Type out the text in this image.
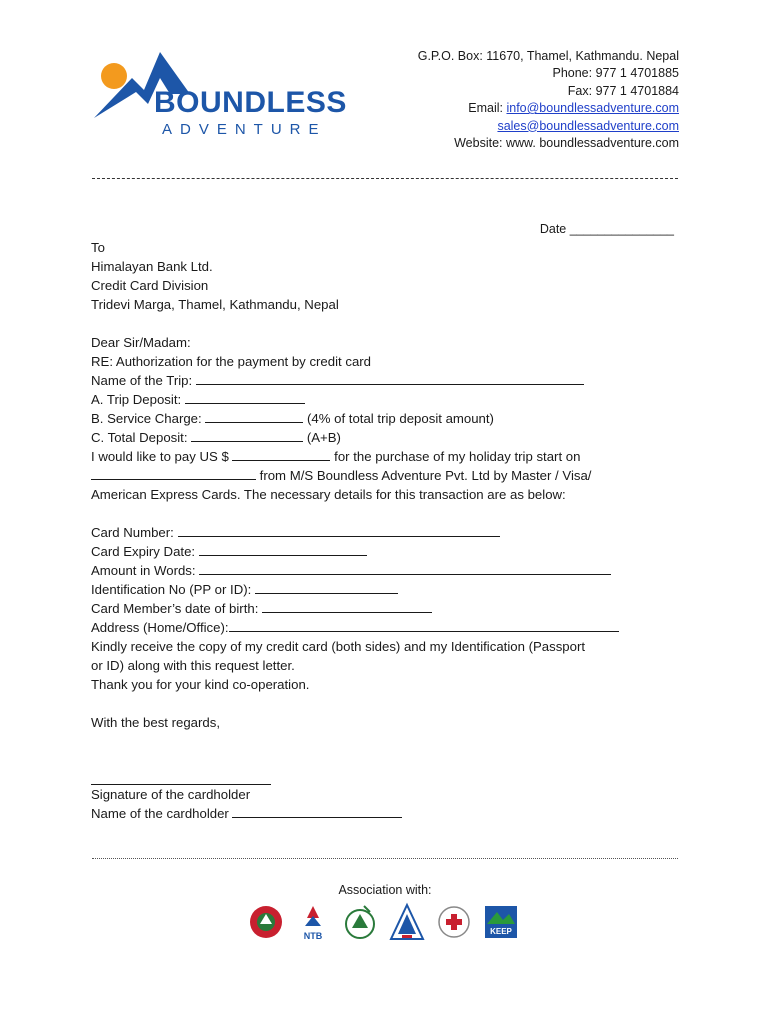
BOUNDLESS
ADVENTURE
G.P.O. Box: 11670, Thamel, Kathmandu. Nepal
Phone: 977 1 4701885
Fax: 977 1 4701884
Email: info@boundlessadventure.com
sales@boundlessadventure.com
Website: www. boundlessadventure.com
Date _______________
To
Himalayan Bank Ltd.
Credit Card Division
Tridevi Marga, Thamel, Kathmandu, Nepal
Dear Sir/Madam:
RE: Authorization for the payment by credit card
Name of the Trip:
A. Trip Deposit:
B. Service Charge:	(4% of total trip deposit amount)
C. Total Deposit:	(A+B)
I would like to pay US $	for the purchase of my holiday trip start on
from M/S Boundless Adventure Pvt. Ltd by Master / Visa/
American Express Cards. The necessary details for this transaction are as below:
Card Number:
Card Expiry Date:
Amount in Words:
Identification No (PP or ID):
Card Member’s date of birth:
Address (Home/Office):
Kindly receive the copy of my credit card (both sides) and my Identification (Passport
or ID) along with this request letter.
Thank you for your kind co-operation.
With the best regards,
Signature of the cardholder
Name of the cardholder
Association with:
NTB	KEEP
